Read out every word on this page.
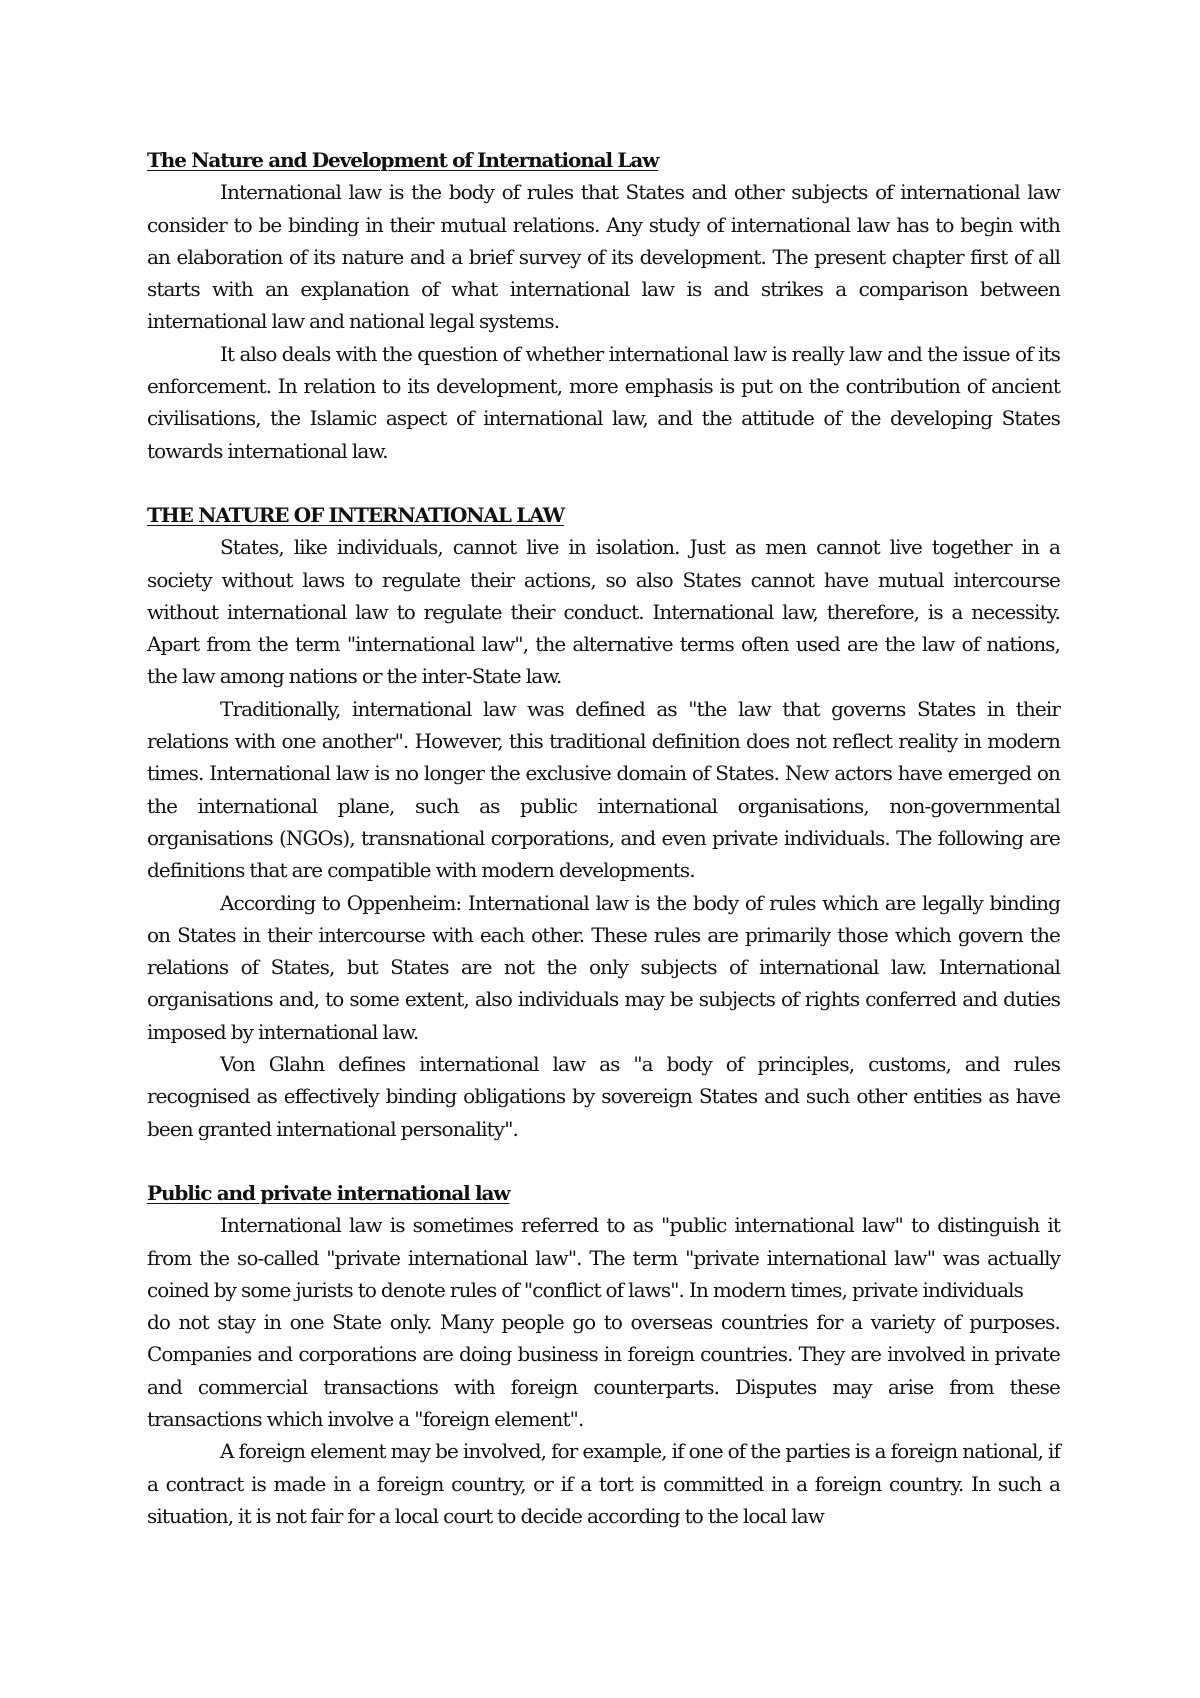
The Nature and Development of International Law

International law is the body of rules that States and other subjects of international law consider to be binding in their mutual relations. Any study of international law has to begin with an elaboration of its nature and a brief survey of its development. The present chapter first of all starts with an explanation of what international law is and strikes a comparison between international law and national legal systems.

It also deals with the question of whether international law is really law and the issue of its enforcement. In relation to its development, more emphasis is put on the contribution of ancient civilisations, the Islamic aspect of international law, and the attitude of the developing States towards international law.

THE NATURE OF INTERNATIONAL LAW

States, like individuals, cannot live in isolation. Just as men cannot live together in a society without laws to regulate their actions, so also States cannot have mutual intercourse without international law to regulate their conduct. International law, therefore, is a necessity. Apart from the term "international law", the alternative terms often used are the law of nations, the law among nations or the inter-State law.

Traditionally, international law was defined as "the law that governs States in their relations with one another". However, this traditional definition does not reflect reality in modern times. International law is no longer the exclusive domain of States. New actors have emerged on the international plane, such as public international organisations, non-governmental organisations (NGOs), transnational corporations, and even private individuals. The following are definitions that are compatible with modern developments.

According to Oppenheim: International law is the body of rules which are legally binding on States in their intercourse with each other. These rules are primarily those which govern the relations of States, but States are not the only subjects of international law. International organisations and, to some extent, also individuals may be subjects of rights conferred and duties imposed by international law.

Von Glahn defines international law as "a body of principles, customs, and rules recognised as effectively binding obligations by sovereign States and such other entities as have been granted international personality".

Public and private international law

International law is sometimes referred to as "public international law" to distinguish it from the so-called "private international law". The term "private international law" was actually coined by some jurists to denote rules of "conflict of laws". In modern times, private individuals

do not stay in one State only. Many people go to overseas countries for a variety of purposes. Companies and corporations are doing business in foreign countries. They are involved in private and commercial transactions with foreign counterparts. Disputes may arise from these transactions which involve a "foreign element".

A foreign element may be involved, for example, if one of the parties is a foreign national, if a contract is made in a foreign country, or if a tort is committed in a foreign country. In such a situation, it is not fair for a local court to decide according to the local law
